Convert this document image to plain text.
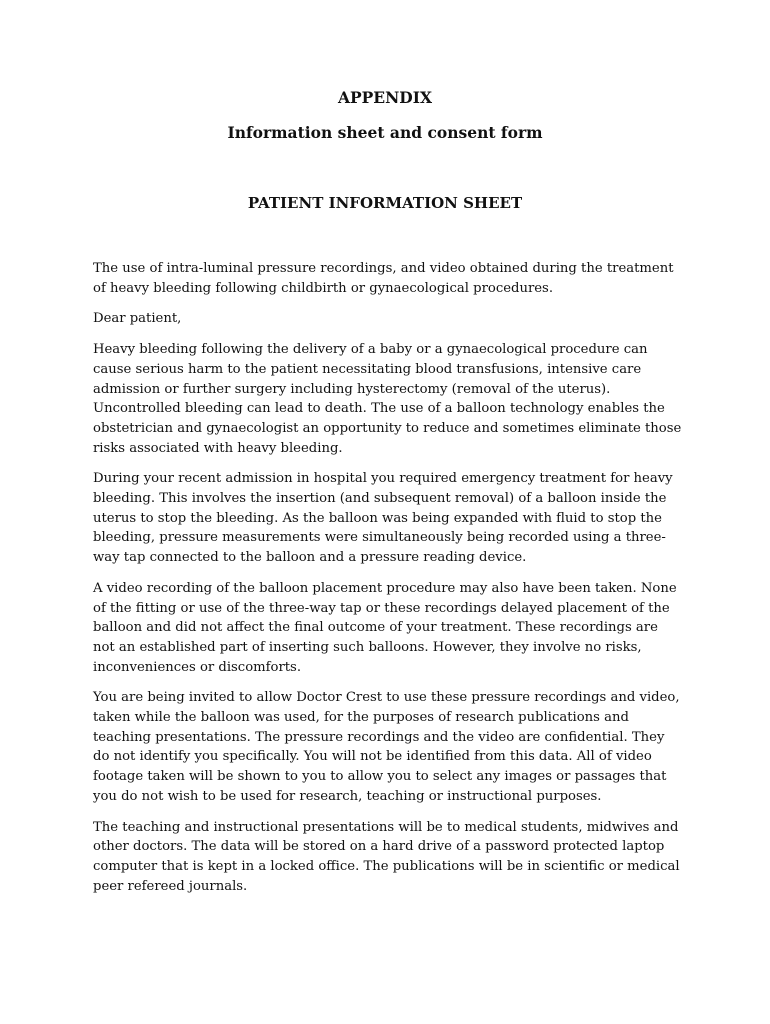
APPENDIX
Information sheet and consent form
PATIENT INFORMATION SHEET

The use of intra-luminal pressure recordings, and video obtained during the treatment of heavy bleeding following childbirth or gynaecological procedures.

Dear patient,

Heavy bleeding following the delivery of a baby or a gynaecological procedure can cause serious harm to the patient necessitating blood transfusions, intensive care admission or further surgery including hysterectomy (removal of the uterus). Uncontrolled bleeding can lead to death. The use of a balloon technology enables the obstetrician and gynaecologist an opportunity to reduce and sometimes eliminate those risks associated with heavy bleeding.

During your recent admission in hospital you required emergency treatment for heavy bleeding. This involves the insertion (and subsequent removal) of a balloon inside the uterus to stop the bleeding. As the balloon was being expanded with fluid to stop the bleeding, pressure measurements were simultaneously being recorded using a three-way tap connected to the balloon and a pressure reading device.

A video recording of the balloon placement procedure may also have been taken. None of the fitting or use of the three-way tap or these recordings delayed placement of the balloon and did not affect the final outcome of your treatment. These recordings are not an established part of inserting such balloons. However, they involve no risks, inconveniences or discomforts.

You are being invited to allow Doctor Crest to use these pressure recordings and video, taken while the balloon was used, for the purposes of research publications and teaching presentations. The pressure recordings and the video are confidential. They do not identify you specifically. You will not be identified from this data. All of video footage taken will be shown to you to allow you to select any images or passages that you do not wish to be used for research, teaching or instructional purposes.

The teaching and instructional presentations will be to medical students, midwives and other doctors. The data will be stored on a hard drive of a password protected laptop computer that is kept in a locked office. The publications will be in scientific or medical peer refereed journals.
